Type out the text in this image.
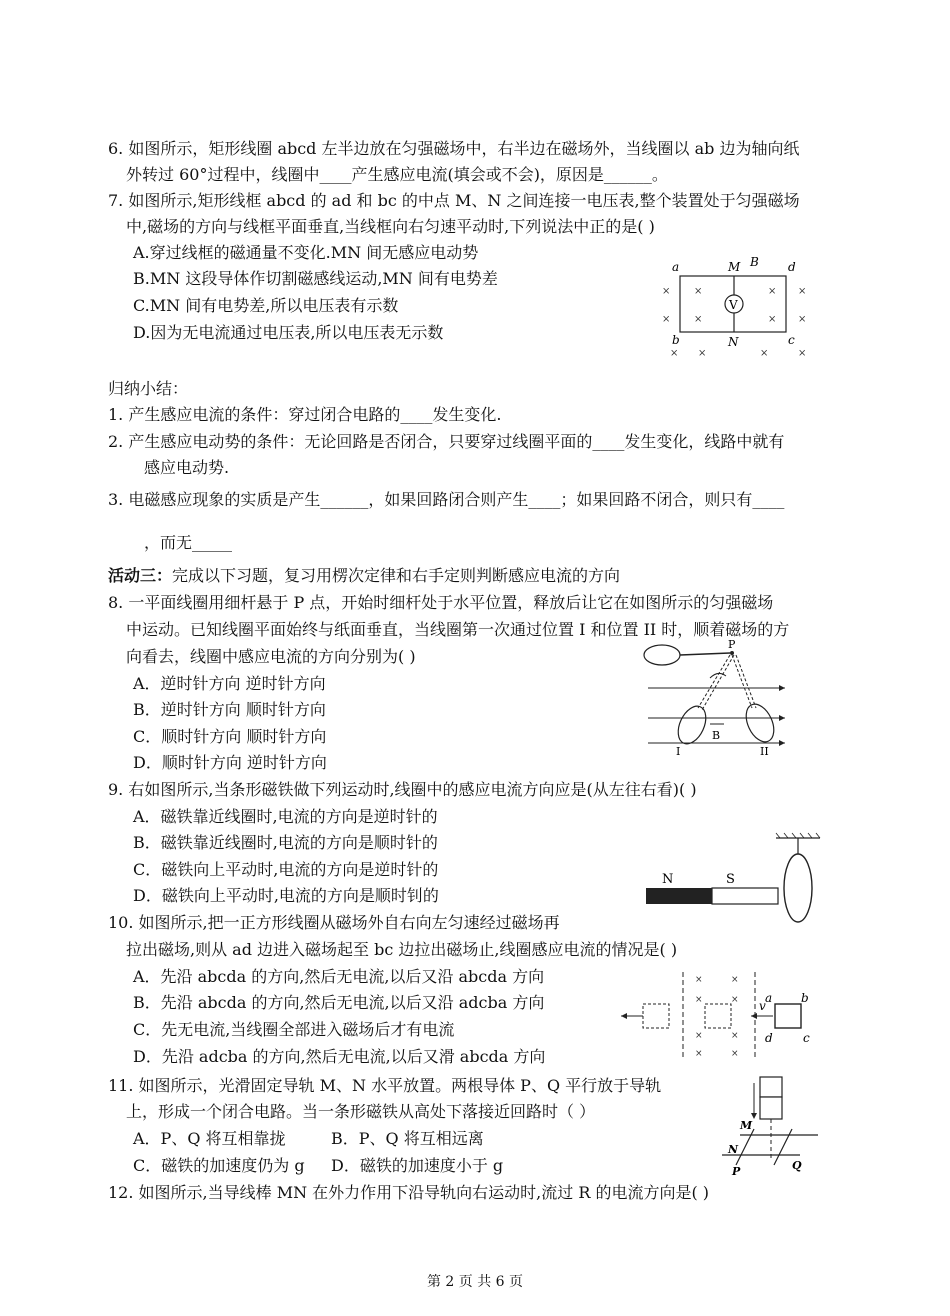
6. 如图所示，矩形线圈 abcd 左半边放在匀强磁场中，右半边在磁场外，当线圈以 ab 边为轴向纸
外转过 60°过程中，线圈中____产生感应电流(填会或不会)，原因是______。
7. 如图所示,矩形线框 abcd 的 ad 和 bc 的中点 M、N 之间连接一电压表,整个装置处于匀强磁场
中,磁场的方向与线框平面垂直,当线框向右匀速平动时,下列说法中正的是( )
A.穿过线框的磁通量不变化.MN 间无感应电动势
B.MN 这段导体作切割磁感线运动,MN 间有电势差
C.MN 间有电势差,所以电压表有示数
D.因为无电流通过电压表,所以电压表无示数
V
a	M B d
b	N	c
×
×
×
×
×
×
×
×
× ×	×	×
归纳小结：
1. 产生感应电流的条件：穿过闭合电路的____发生变化.
2. 产生感应电动势的条件：无论回路是否闭合，只要穿过线圈平面的____发生变化，线路中就有
感应电动势.
3. 电磁感应现象的实质是产生______，如果回路闭合则产生____；如果回路不闭合，则只有____
，而无_____
活动三：完成以下习题，复习用楞次定律和右手定则判断感应电流的方向
8. 一平面线圈用细杆悬于 P 点，开始时细杆处于水平位置，释放后让它在如图所示的匀强磁场
中运动。已知线圈平面始终与纸面垂直，当线圈第一次通过位置 I 和位置 II 时，顺着磁场的方
向看去，线圈中感应电流的方向分别为( )
A．逆时针方向 逆时针方向
B．逆时针方向 顺时针方向
C．顺时针方向 顺时针方向
D．顺时针方向 逆时针方向
P
B
I	II
9. 右如图所示,当条形磁铁做下列运动时,线圈中的感应电流方向应是(从左往右看)( )
A．磁铁靠近线圈时,电流的方向是逆时针的
B．磁铁靠近线圈时,电流的方向是顺时针的
C．磁铁向上平动时,电流的方向是逆时针的
D．磁铁向上平动时,电流的方向是顺时钊的
N	S
10. 如图所示,把一正方形线圈从磁场外自右向左匀速经过磁场再
拉出磁场,则从 ad 边进入磁场起至 bc 边拉出磁场止,线圈感应电流的情况是( )
A．先沿 abcda 的方向,然后无电流,以后又沿 abcda 方向
B．先沿 abcda 的方向,然后无电流,以后又沿 adcba 方向
C．先无电流,当线圈全部进入磁场后才有电流
D．先沿 adcba 的方向,然后无电流,以后又滑 abcda 方向
×	×
×	×
×	×
×	×
v
a b
c
d
11. 如图所示，光滑固定导轨 M、N 水平放置。两根导体 P、Q 平行放于导轨
上，形成一个闭合电路。当一条形磁铁从高处下落接近回路时（ ）
A．P、Q 将互相靠拢	B．P、Q 将互相远离
C．磁铁的加速度仍为 g D．磁铁的加速度小于 g
M
N
P	Q
12. 如图所示,当导线棒 MN 在外力作用下沿导轨向右运动时,流过 R 的电流方向是( )
第 2 页 共 6 页
